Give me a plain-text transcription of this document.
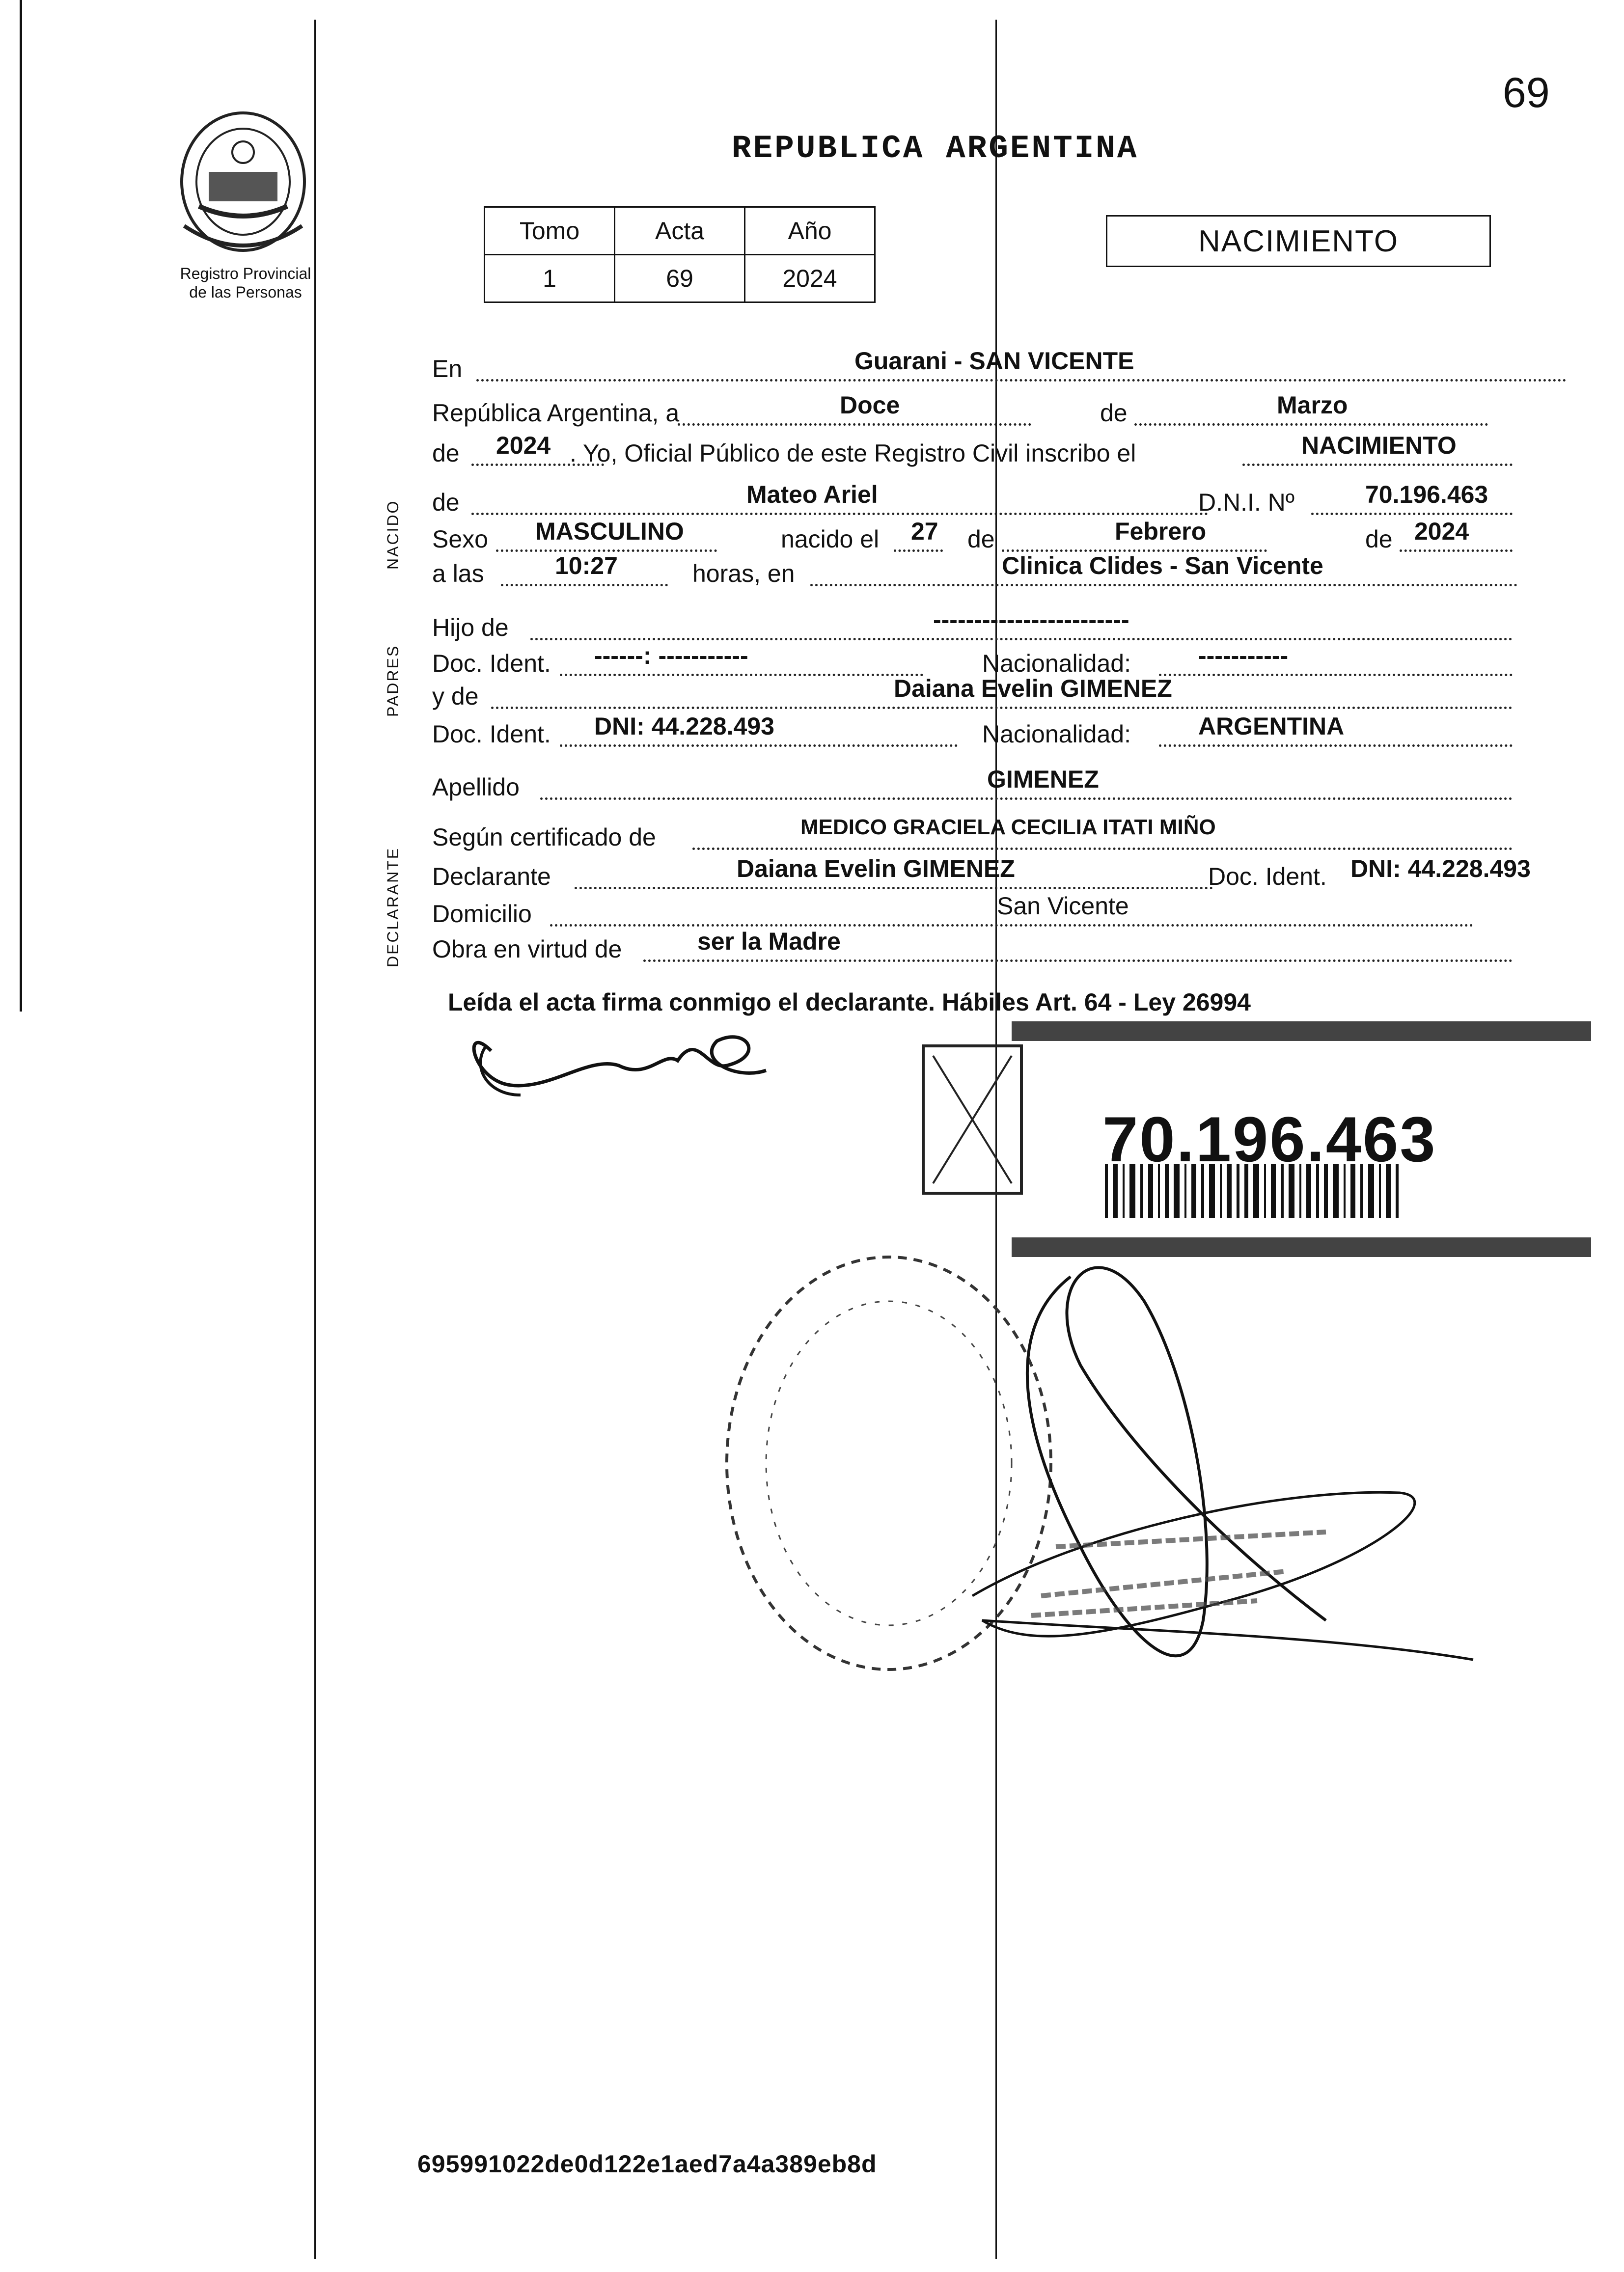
69
Registro Provincial
de las Personas
REPUBLICA ARGENTINA
Tomo	Acta	Año
1	69	2024
NACIMIENTO
NACIDO
PADRES
DECLARANTE
En	Guarani - SAN VICENTE
República Argentina, a	Doce	de	Marzo
de 2024 . Yo, Oficial Público de este Registro Civil inscribo el	NACIMIENTO
de	Mateo Ariel	D.N.I. Nº	70.196.463
Sexo MASCULINO	nacido el 27 de	Febrero	de 2024
a las	10:27	horas, en	Clinica Clides - San Vicente
Hijo de	------------------------
Doc. Ident. ------: -----------	Nacionalidad:	-----------
y de	Daiana Evelin GIMENEZ
Doc. Ident. DNI: 44.228.493	Nacionalidad:	ARGENTINA
Apellido	GIMENEZ
Según certificado de	MEDICO GRACIELA CECILIA ITATI MIÑO
Declarante	Daiana Evelin GIMENEZ	Doc. Ident. DNI: 44.228.493
Domicilio	San Vicente
Obra en virtud de	ser la Madre
Leída el acta firma conmigo el declarante. Hábiles Art. 64 - Ley 26994
70.196.463
695991022de0d122e1aed7a4a389eb8d
